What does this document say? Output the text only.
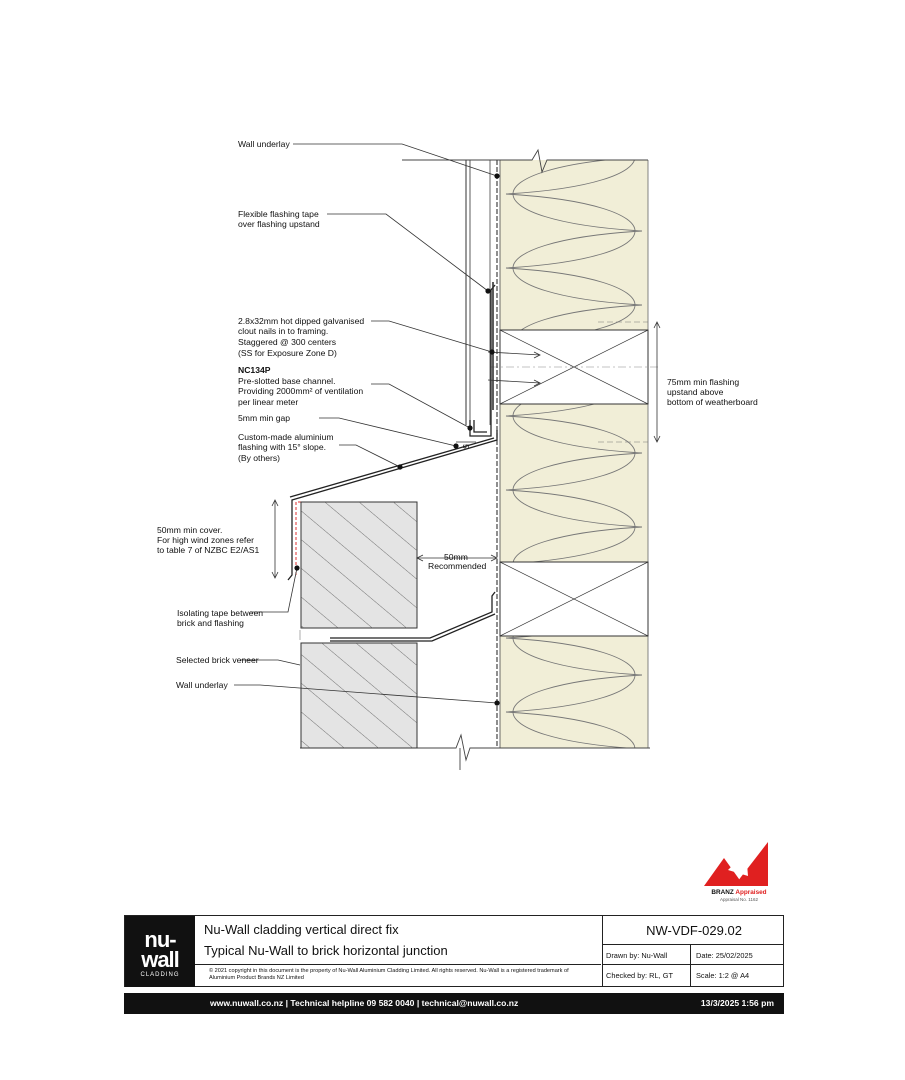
Wall underlay
Flexible flashing tape
over flashing upstand
2.8x32mm hot dipped galvanised
clout nails in to framing.
Staggered @ 300 centers
(SS for Exposure Zone D)
NC134P
Pre-slotted base channel.
Providing 2000mm² of ventilation
per linear meter
5mm min gap
Custom-made aluminium
flashing with 15° slope.
(By others)
75mm min flashing
upstand above
bottom of weatherboard
50mm min cover.
For high wind zones refer
to table 7 of NZBC E2/AS1
50mm
Recommended
5
Isolating tape between
brick and flashing
Selected brick veneer
Wall underlay
BRANZ Appraised
Appraisal No. 1162
nu-
wall
CLADDING
Nu-Wall cladding vertical direct fix
Typical Nu-Wall to brick horizontal junction
© 2021 copyright in this document is the property of Nu-Wall Aluminium Cladding Limited. All rights reserved. Nu-Wall is a registered trademark of Aluminium Product Brands NZ Limited
NW-VDF-029.02
Drawn by: Nu-Wall	Date: 25/02/2025
Checked by: RL, GT	Scale: 1:2 @ A4
www.nuwall.co.nz | Technical helpline 09 582 0040 | technical@nuwall.co.nz	13/3/2025 1:56 pm
